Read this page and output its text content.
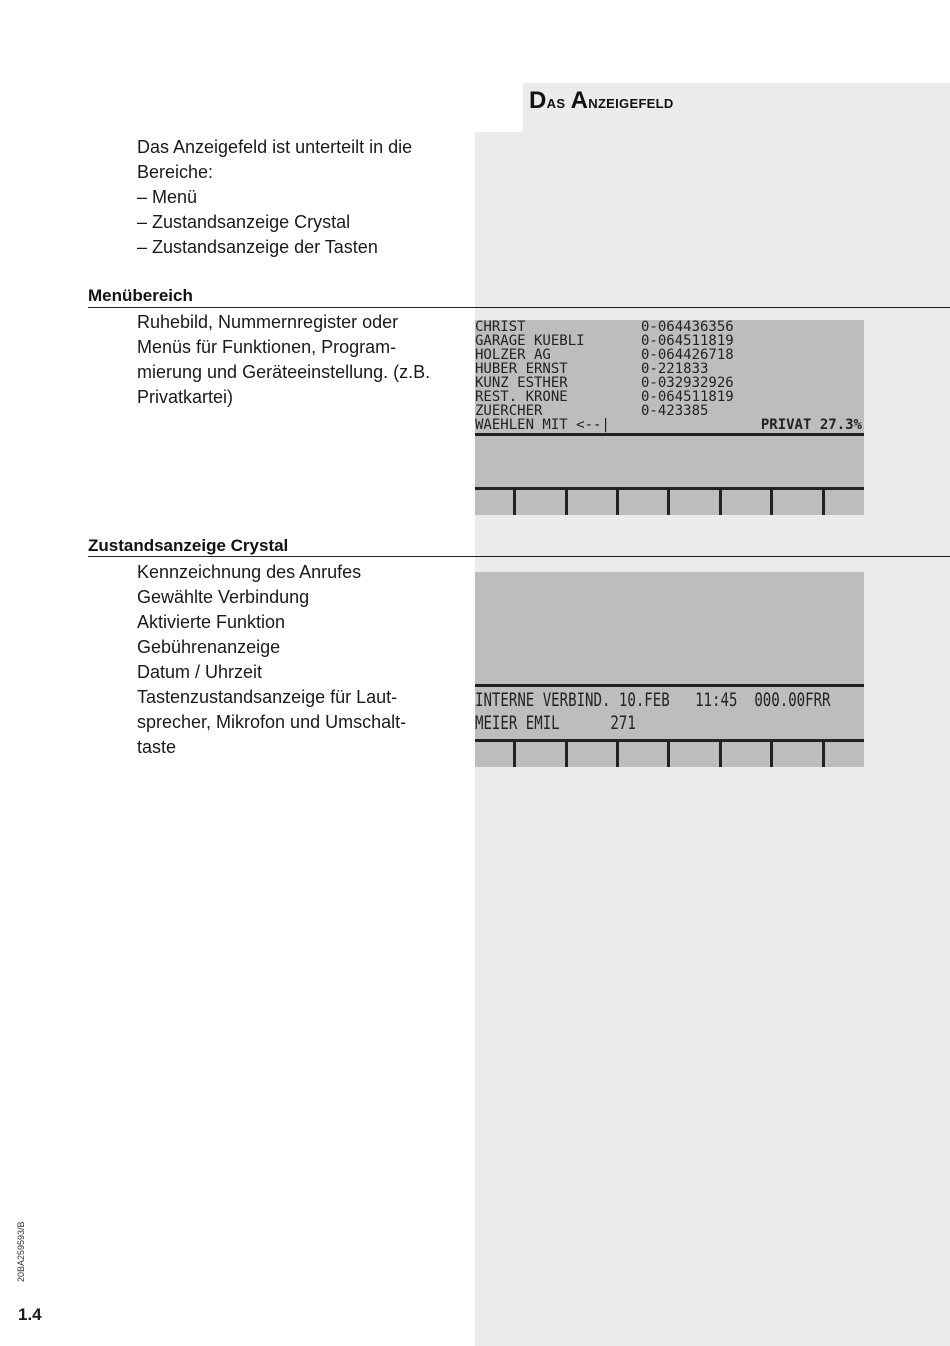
Das Anzeigefeld
Das Anzeigefeld ist unterteilt in die
Bereiche:
– Menü
– Zustandsanzeige Crystal
– Zustandsanzeige der Tasten
Menübereich
Ruhebild, Nummernregister oder
Menüs für Funktionen, Program-
mierung und Geräteeinstellung. (z.B.
Privatkartei)
CHRIST	0-064436356
GARAGE KUEBLI	0-064511819
HOLZER AG	0-064426718
HUBER ERNST	0-221833
KUNZ ESTHER	0-032932926
REST. KRONE	0-064511819
ZUERCHER	0-423385
WAEHLEN MIT <--|	PRIVAT 27.3%
Zustandsanzeige Crystal
Kennzeichnung des Anrufes
Gewählte Verbindung
Aktivierte Funktion
Gebührenanzeige
Datum / Uhrzeit
Tastenzustandsanzeige für Laut-
sprecher, Mikrofon und Umschalt-
taste
INTERNE VERBIND. 10.FEB   11:45  000.00FRR
MEIER EMIL      271
20BA259593/B
1.4
